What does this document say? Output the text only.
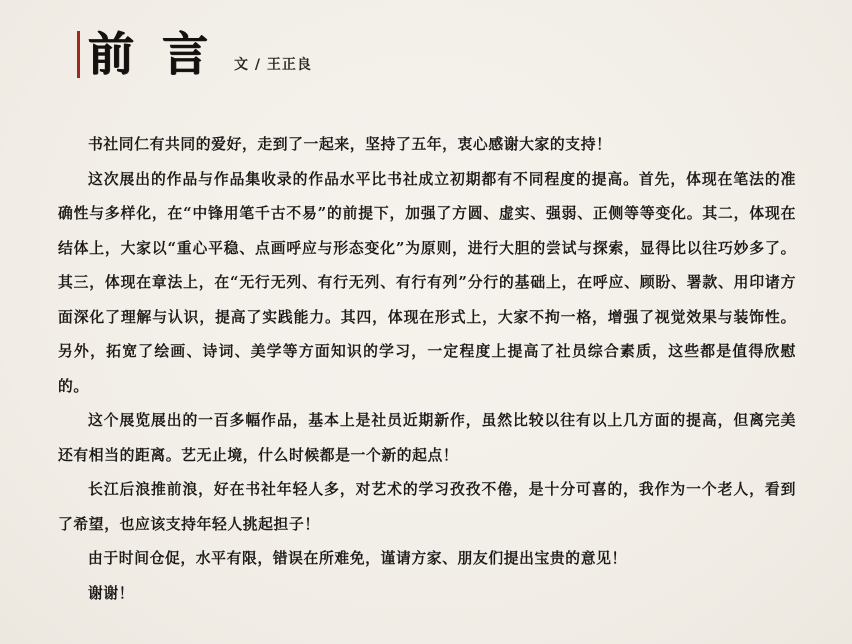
前言
文 / 王正良

书社同仁有共同的爱好，走到了一起来，坚持了五年，衷心感谢大家的支持！

这次展出的作品与作品集收录的作品水平比书社成立初期都有不同程度的提高。首先，体现在笔法的准确性与多样化，在“中锋用笔千古不易”的前提下，加强了方圆、虚实、强弱、正侧等等变化。其二，体现在结体上，大家以“重心平稳、点画呼应与形态变化”为原则，进行大胆的尝试与探索，显得比以往巧妙多了。其三，体现在章法上，在“无行无列、有行无列、有行有列”分行的基础上，在呼应、顾盼、署款、用印诸方面深化了理解与认识，提高了实践能力。其四，体现在形式上，大家不拘一格，增强了视觉效果与装饰性。另外，拓宽了绘画、诗词、美学等方面知识的学习，一定程度上提高了社员综合素质，这些都是值得欣慰的。

这个展览展出的一百多幅作品，基本上是社员近期新作，虽然比较以往有以上几方面的提高，但离完美还有相当的距离。艺无止境，什么时候都是一个新的起点！

长江后浪推前浪，好在书社年轻人多，对艺术的学习孜孜不倦，是十分可喜的，我作为一个老人，看到了希望，也应该支持年轻人挑起担子！

由于时间仓促，水平有限，错误在所难免，谨请方家、朋友们提出宝贵的意见！

谢谢！
